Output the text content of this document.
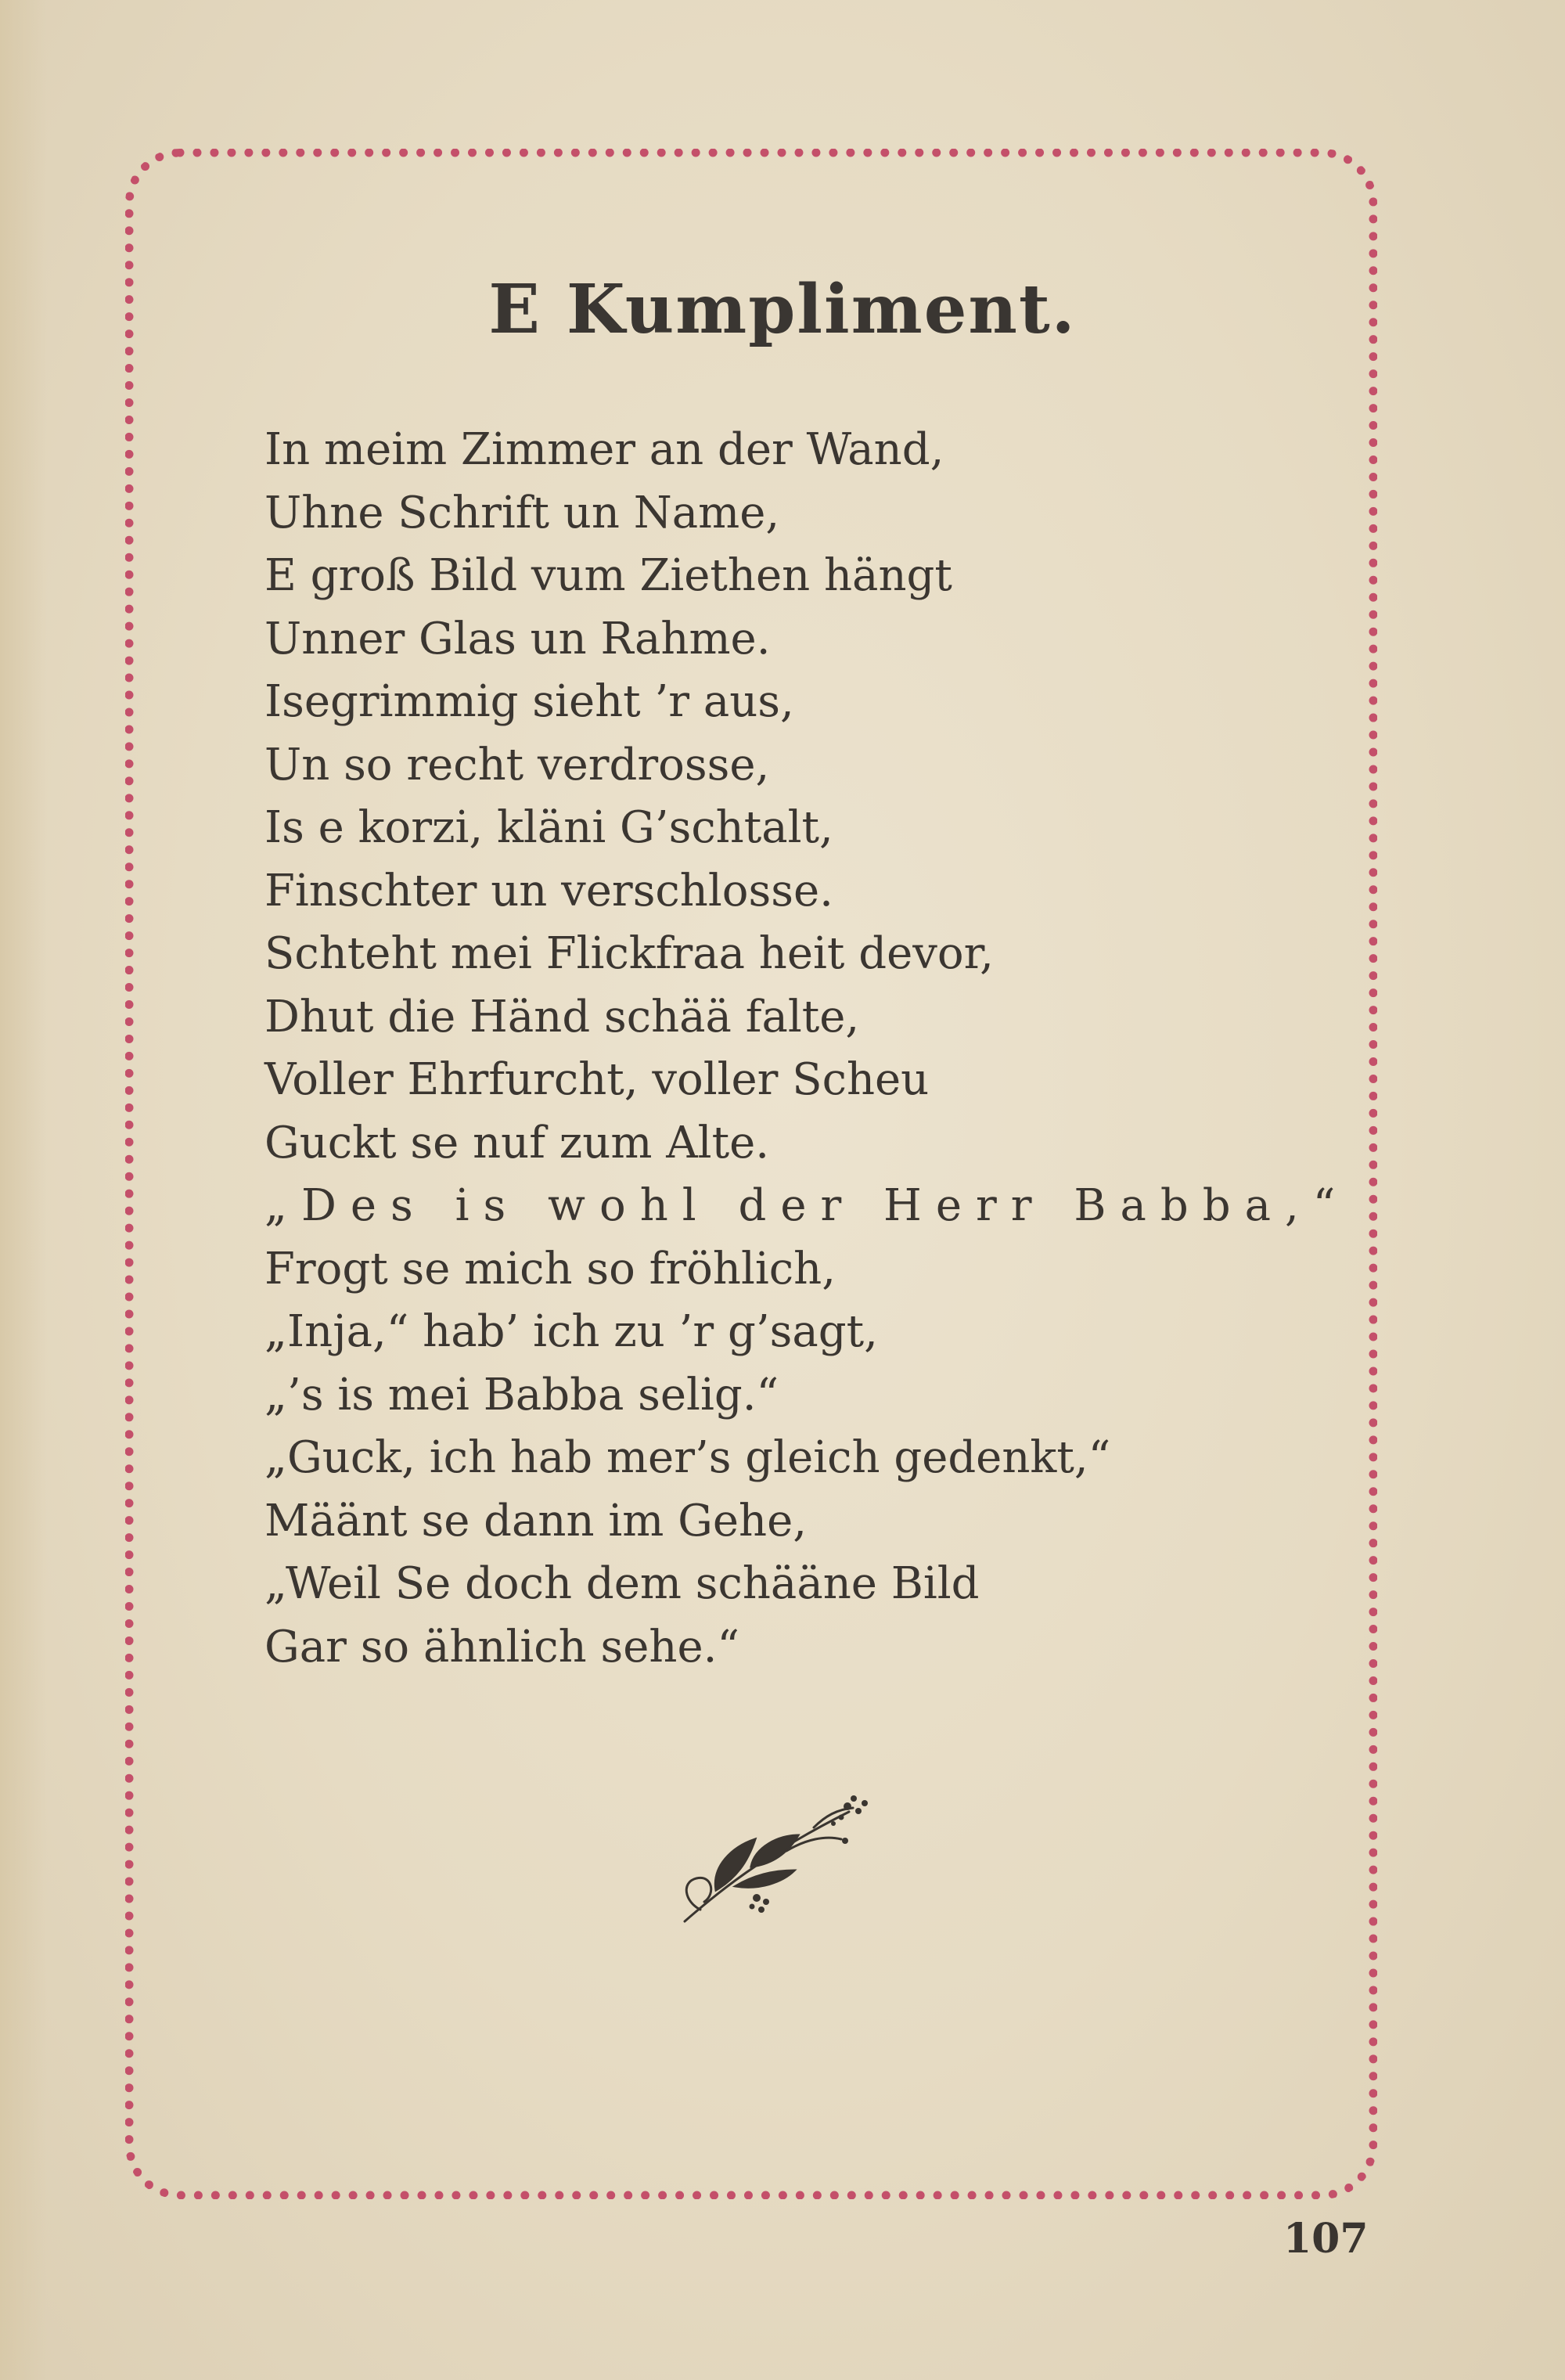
E Kumpliment.
In meim Zimmer an der Wand,
Uhne Schrift un Name,
E groß Bild vum Ziethen hängt
Unner Glas un Rahme.
Isegrimmig sieht ’r aus,
Un so recht verdrosse,
Is e korzi, kläni G’schtalt,
Finschter un verschlosse.
Schteht mei Flickfraa heit devor,
Dhut die Händ schää falte,
Voller Ehrfurcht, voller Scheu
Guckt se nuf zum Alte.
„Des is wohl der Herr Babba,“
Frogt se mich so fröhlich,
„Inja,“ hab’ ich zu ’r g’sagt,
„’s is mei Babba selig.“
„Guck, ich hab mer’s gleich gedenkt,“
Määnt se dann im Gehe,
„Weil Se doch dem schääne Bild
Gar so ähnlich sehe.“
107
